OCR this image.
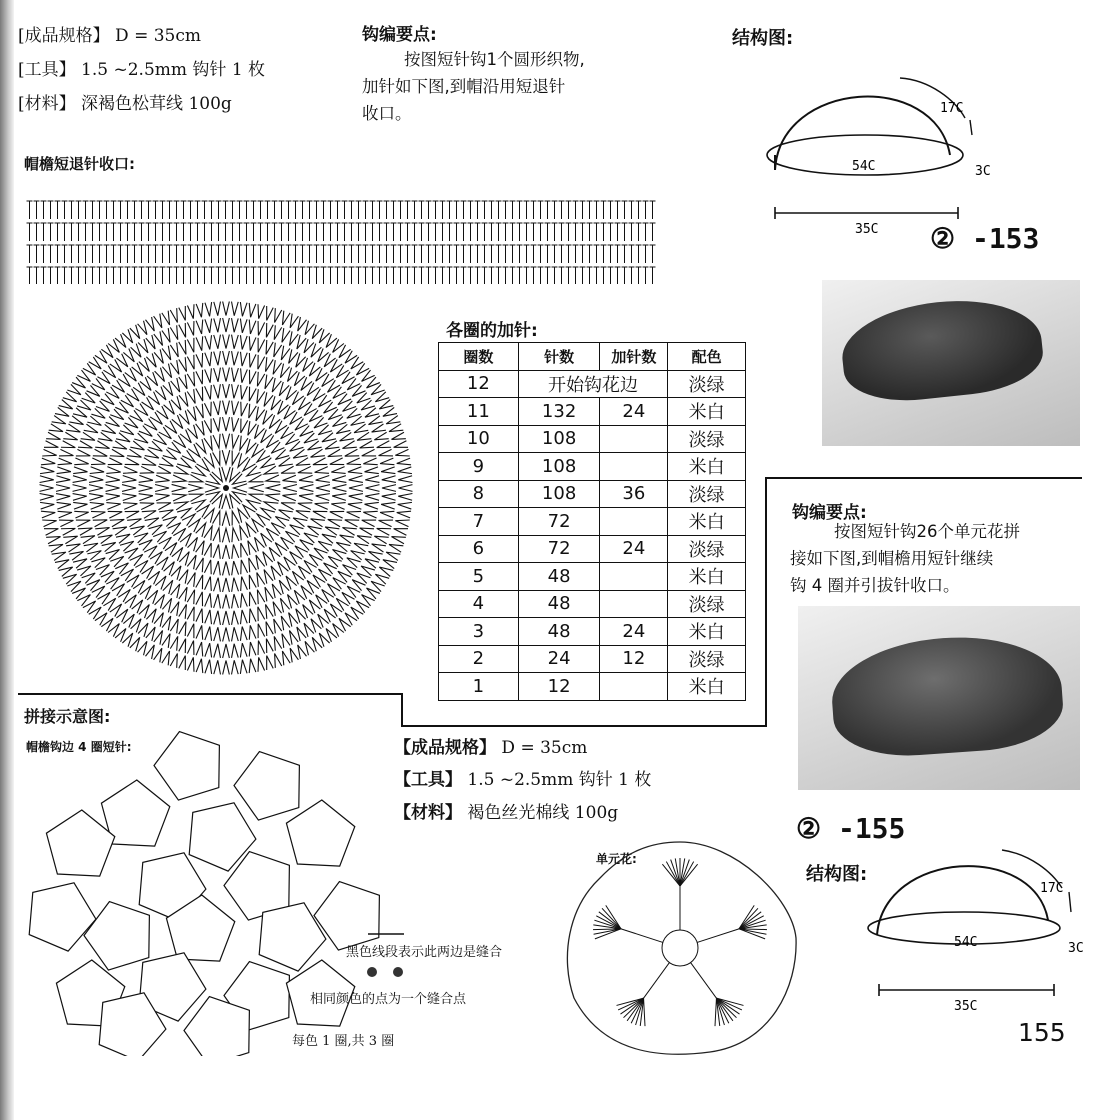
[成品规格】 D = 35cm
[工具】 1.5 ~2.5mm 钩针 1 枚
[材料】 深褐色松茸线 100g
钩编要点:
按图短针钩1个圆形织物,
加针如下图,到帽沿用短退针
收口。
结构图:
17C
54C	3C
35C ② -153
帽檐短退针收口:
各圈的加针:
圈数	针数	加针数	配色
12	开始钩花边		淡绿
11	132	24	米白
10	108		淡绿
9	108		米白
8	108	36	淡绿
7	72		米白
6	72	24	淡绿
5	48		米白
4	48		淡绿
3	48	24	米白
2	24	12	淡绿
1	12		米白
钩编要点:
按图短针钩26个单元花拼
接如下图,到帽檐用短针继续
钩 4 圈并引拔针收口。
② -155
结构图:
17C
54C	3C
35C
拼接示意图:
帽檐钩边 4 圈短针:
黑色线段表示此两边是缝合
相同颜色的点为一个缝合点
每色 1 圈,共 3 圈
【成品规格】 D = 35cm
【工具】 1.5 ~2.5mm 钩针 1 枚
【材料】 褐色丝光棉线 100g
单元花:
155
